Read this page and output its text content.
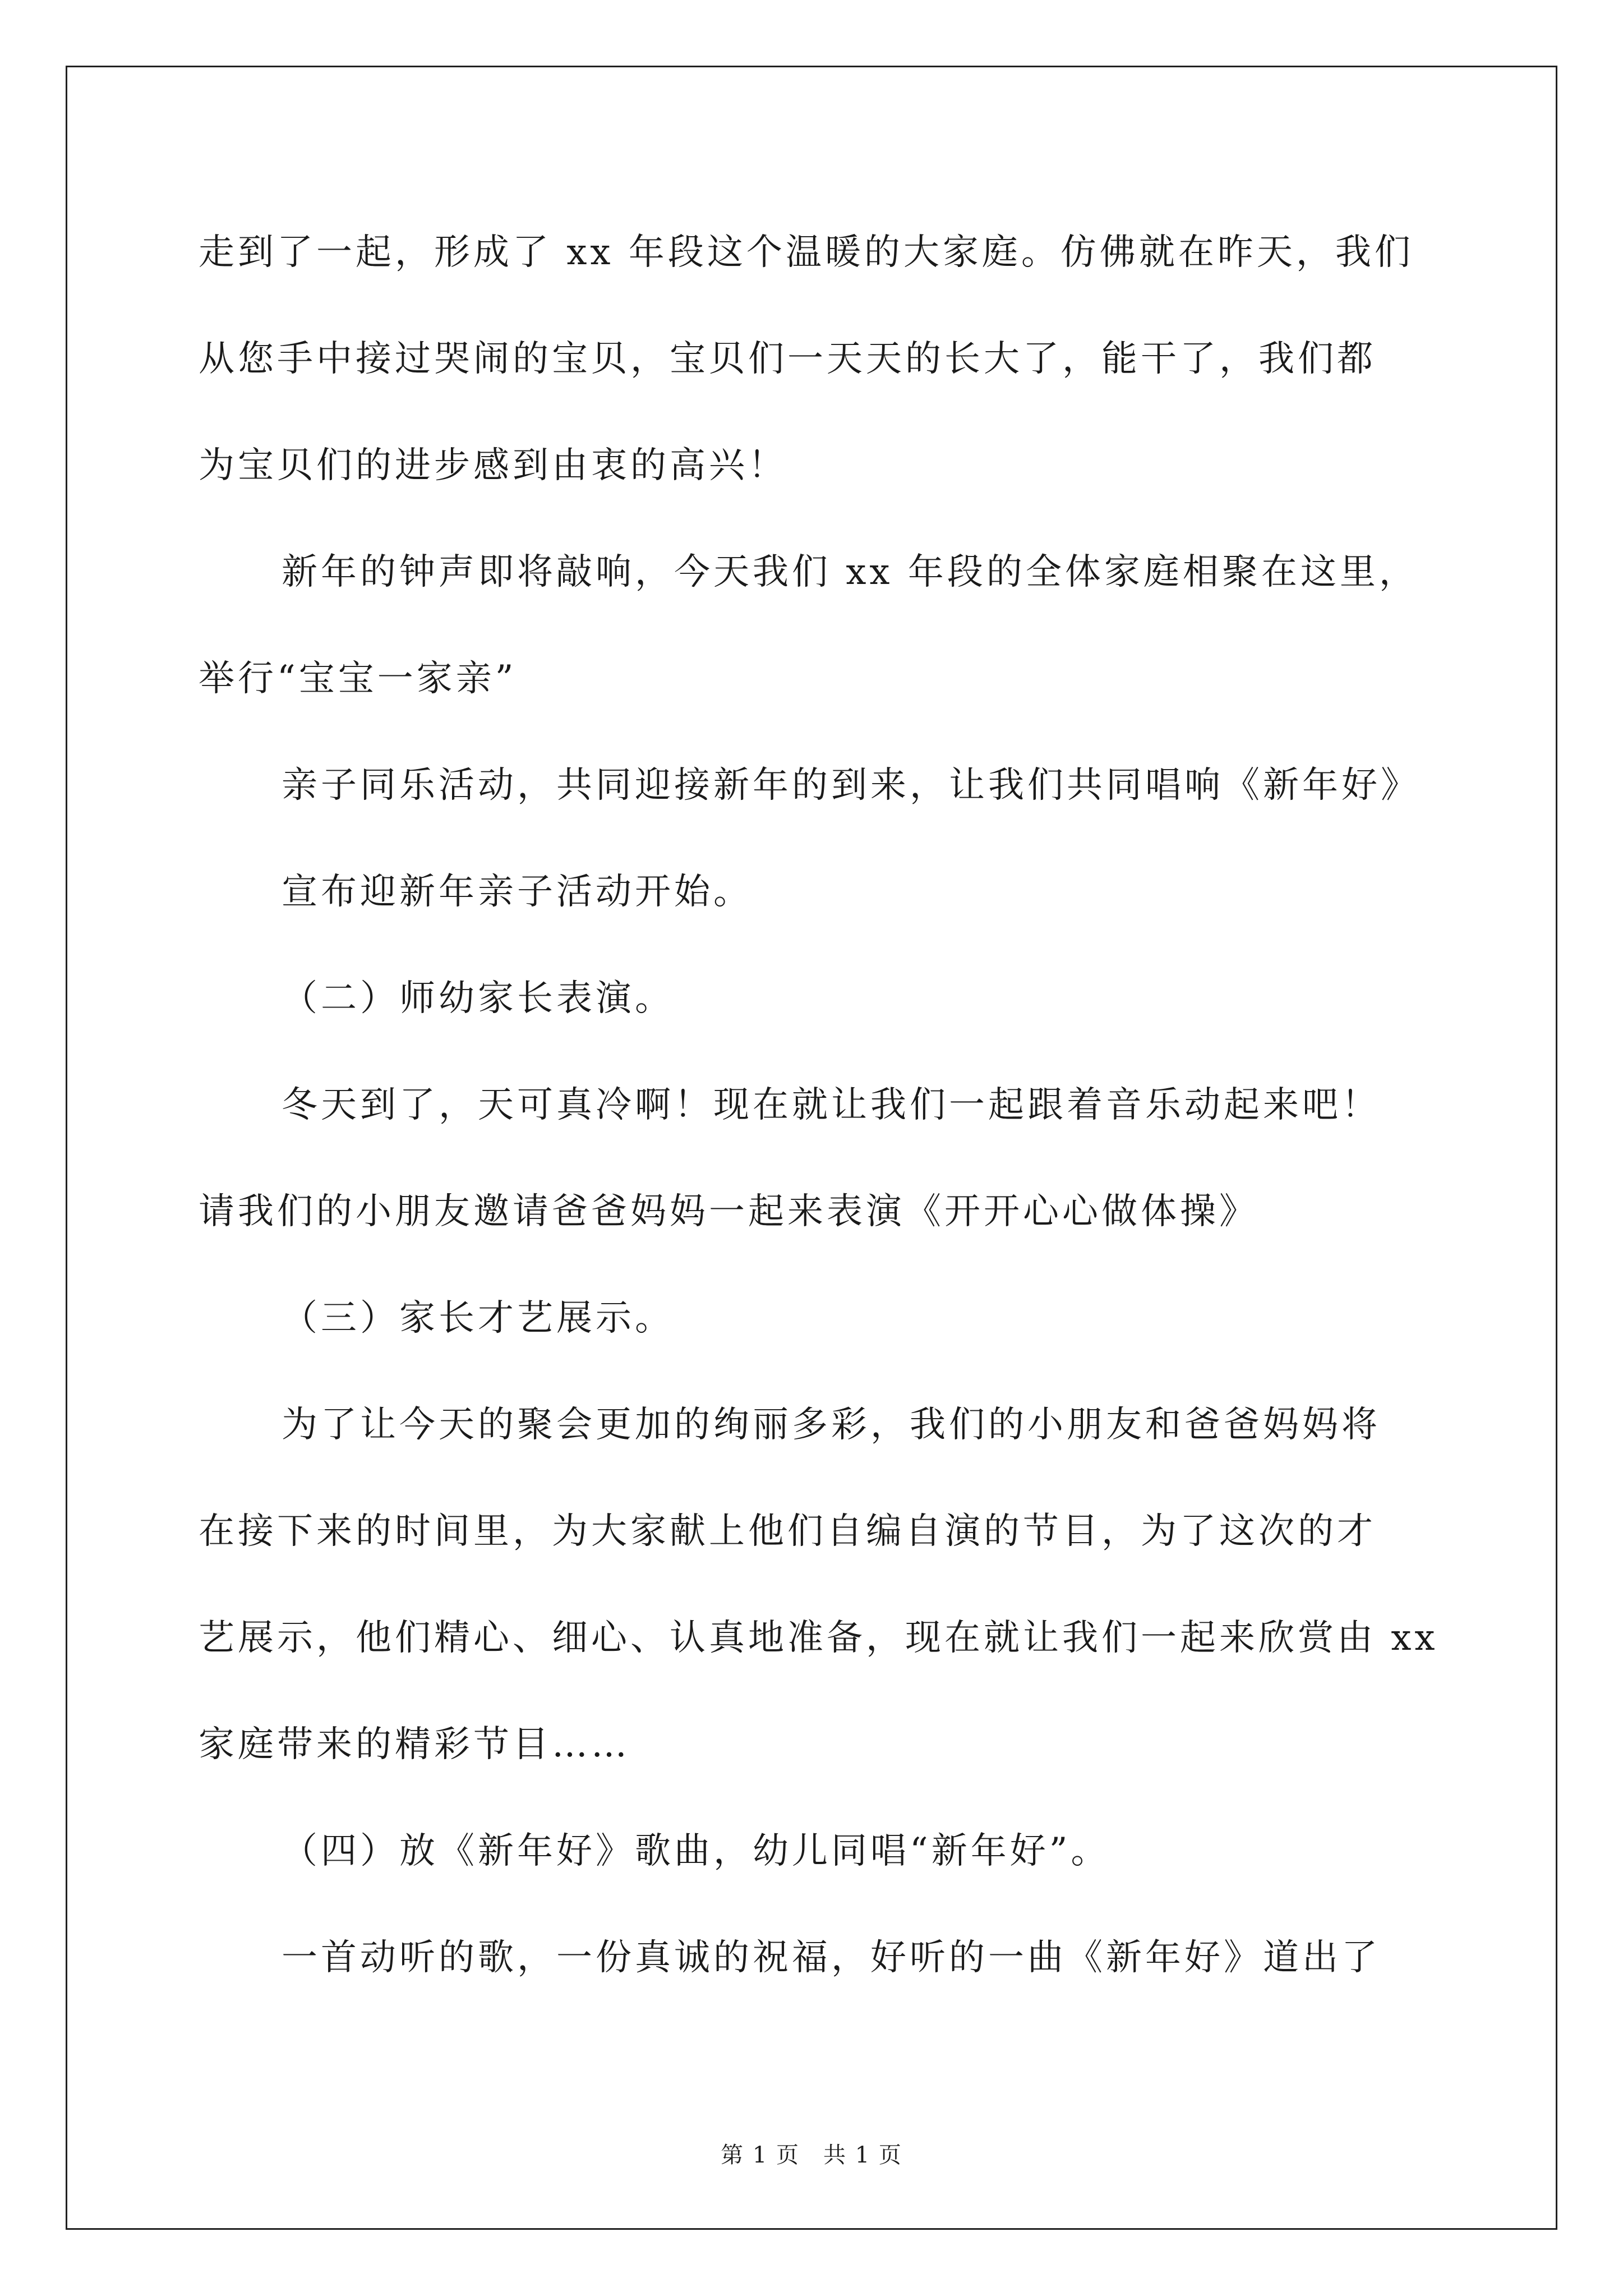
走到了一起，形成了 xx 年段这个温暖的大家庭。仿佛就在昨天，我们
从您手中接过哭闹的宝贝，宝贝们一天天的长大了，能干了，我们都
为宝贝们的进步感到由衷的高兴！
新年的钟声即将敲响，今天我们 xx 年段的全体家庭相聚在这里，
举行“宝宝一家亲”
亲子同乐活动，共同迎接新年的到来，让我们共同唱响《新年好》
宣布迎新年亲子活动开始。
（二）师幼家长表演。
冬天到了，天可真冷啊！现在就让我们一起跟着音乐动起来吧！
请我们的小朋友邀请爸爸妈妈一起来表演《开开心心做体操》
（三）家长才艺展示。
为了让今天的聚会更加的绚丽多彩，我们的小朋友和爸爸妈妈将
在接下来的时间里，为大家献上他们自编自演的节目，为了这次的才
艺展示，他们精心、细心、认真地准备，现在就让我们一起来欣赏由 xx
家庭带来的精彩节目……
（四）放《新年好》歌曲，幼儿同唱“新年好”。
一首动听的歌，一份真诚的祝福，好听的一曲《新年好》道出了
第 1 页　共 1 页
